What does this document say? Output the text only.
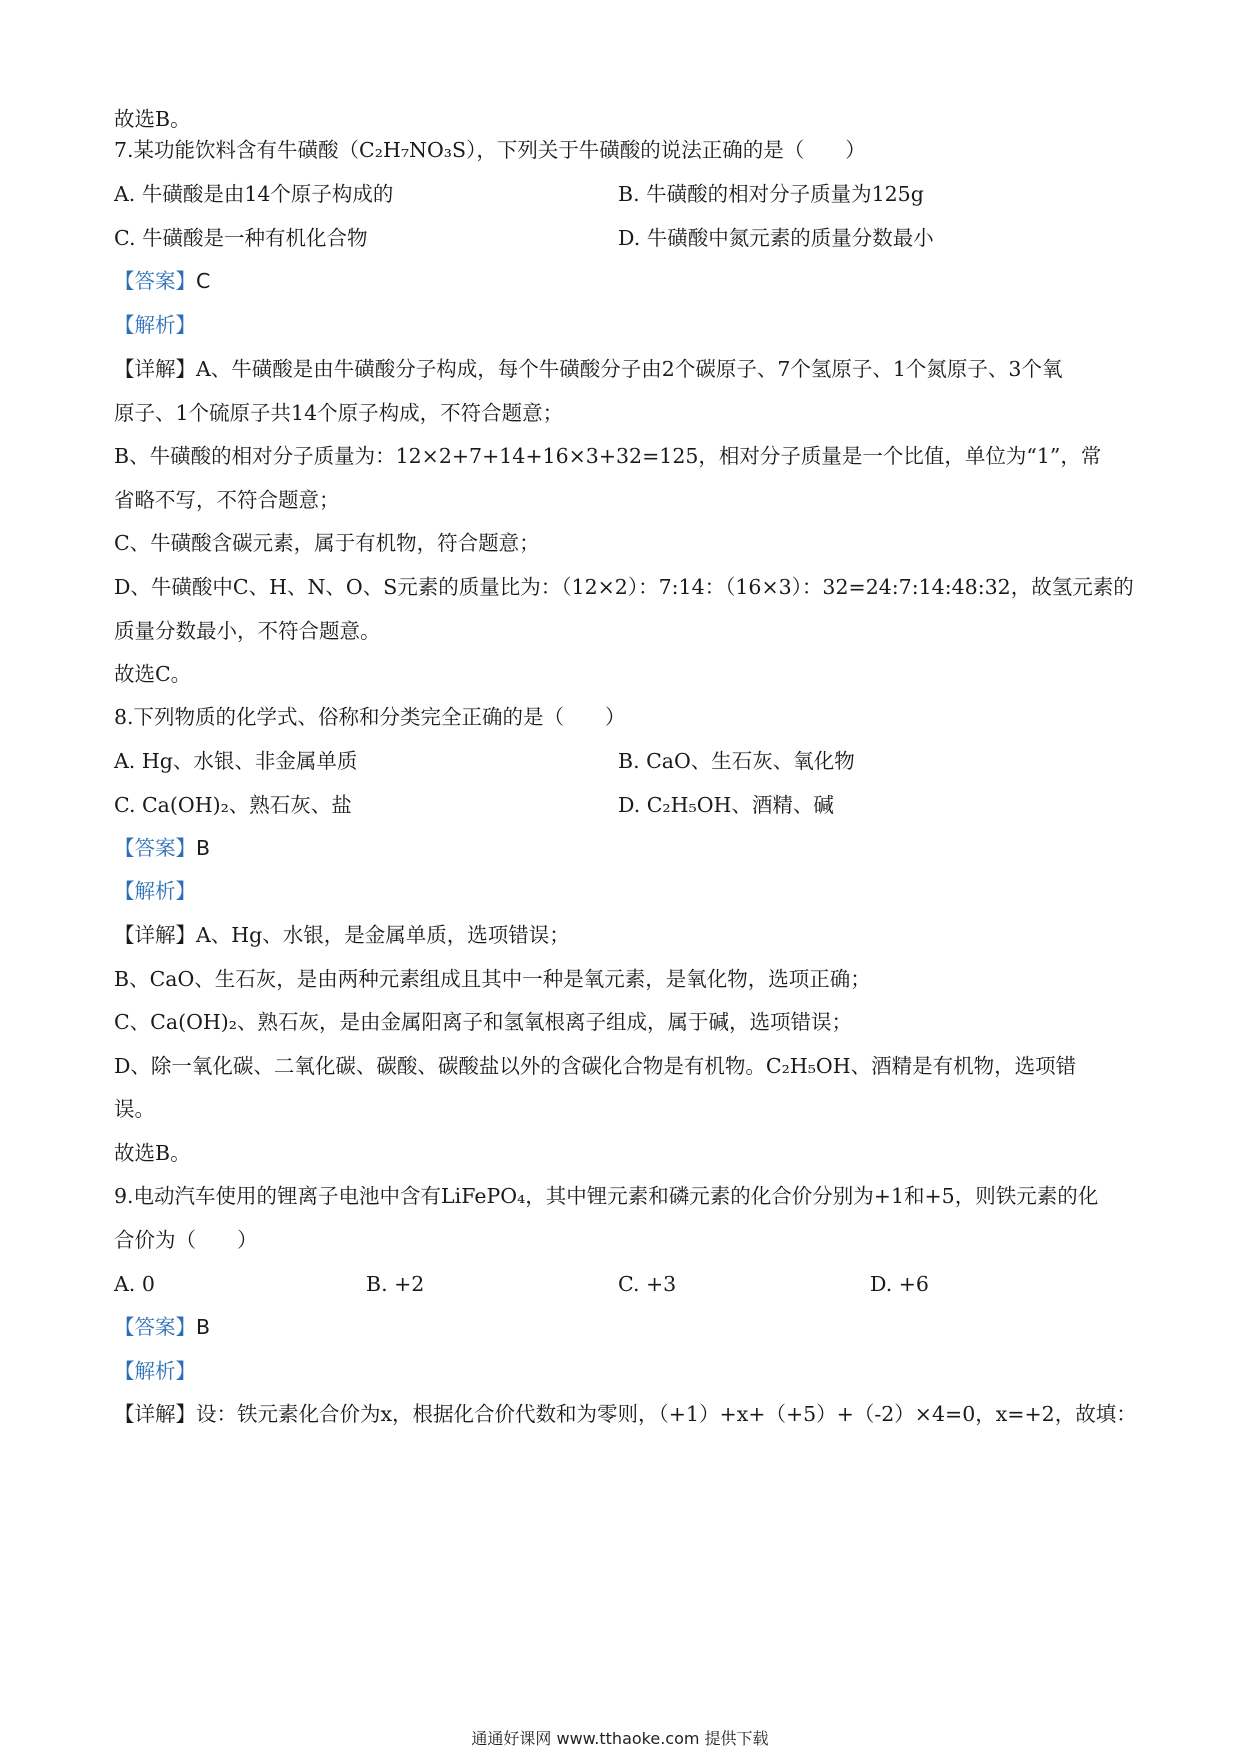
故选B。
7.某功能饮料含有牛磺酸（C₂H₇NO₃S），下列关于牛磺酸的说法正确的是（　　）
A. 牛磺酸是由14个原子构成的	B. 牛磺酸的相对分子质量为125g
C. 牛磺酸是一种有机化合物	D. 牛磺酸中氮元素的质量分数最小
【答案】C
【解析】
【详解】A、牛磺酸是由牛磺酸分子构成，每个牛磺酸分子由2个碳原子、7个氢原子、1个氮原子、3个氧
原子、1个硫原子共14个原子构成，不符合题意；
B、牛磺酸的相对分子质量为：12×2+7+14+16×3+32=125，相对分子质量是一个比值，单位为“1”，常
省略不写，不符合题意；
C、牛磺酸含碳元素，属于有机物，符合题意；
D、牛磺酸中C、H、N、O、S元素的质量比为：（12×2）：7:14：（16×3）：32=24:7:14:48:32，故氢元素的
质量分数最小，不符合题意。
故选C。
8.下列物质的化学式、俗称和分类完全正确的是（　　）
A. Hg、水银、非金属单质	B. CaO、生石灰、氧化物
C. Ca(OH)₂、熟石灰、盐	D. C₂H₅OH、酒精、碱
【答案】B
【解析】
【详解】A、Hg、水银，是金属单质，选项错误；
B、CaO、生石灰，是由两种元素组成且其中一种是氧元素，是氧化物，选项正确；
C、Ca(OH)₂、熟石灰，是由金属阳离子和氢氧根离子组成，属于碱，选项错误；
D、除一氧化碳、二氧化碳、碳酸、碳酸盐以外的含碳化合物是有机物。C₂H₅OH、酒精是有机物，选项错
误。
故选B。
9.电动汽车使用的锂离子电池中含有LiFePO₄，其中锂元素和磷元素的化合价分别为+1和+5，则铁元素的化
合价为（　　）
A. 0	B. +2	C. +3	D. +6
【答案】B
【解析】
【详解】设：铁元素化合价为x，根据化合价代数和为零则，（+1）+x+（+5）+（-2）×4=0，x=+2，故填：
通通好课网 www.tthaoke.com 提供下载
